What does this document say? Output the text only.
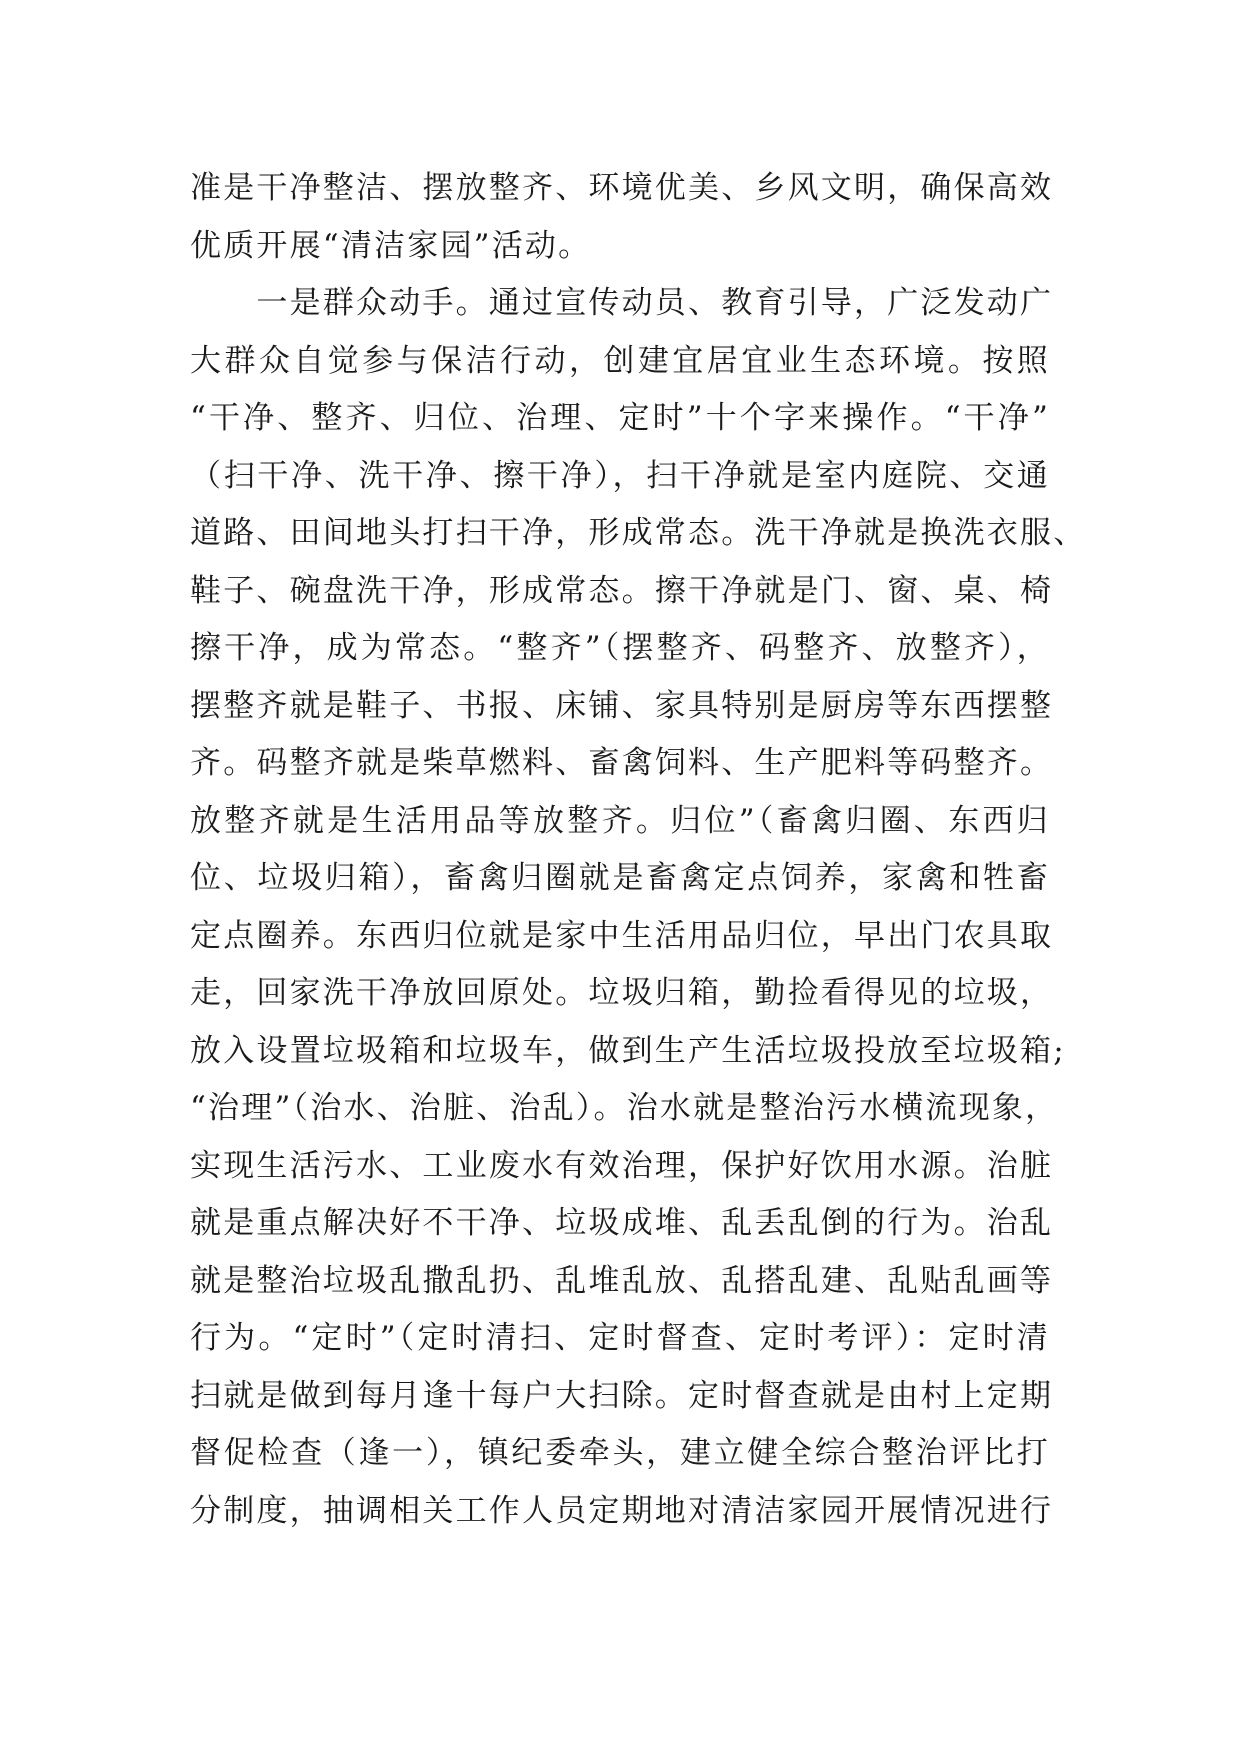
准是干净整洁、摆放整齐、环境优美、乡风文明，确保高效
优质开展“清洁家园”活动。
　　一是群众动手。通过宣传动员、教育引导，广泛发动广
大群众自觉参与保洁行动，创建宜居宜业生态环境。按照
“干净、整齐、归位、治理、定时”十个字来操作。“干净”
（扫干净、洗干净、擦干净），扫干净就是室内庭院、交通
道路、田间地头打扫干净，形成常态。洗干净就是换洗衣服、
鞋子、碗盘洗干净，形成常态。擦干净就是门、窗、桌、椅
擦干净，成为常态。“整齐”（摆整齐、码整齐、放整齐），
摆整齐就是鞋子、书报、床铺、家具特别是厨房等东西摆整
齐。码整齐就是柴草燃料、畜禽饲料、生产肥料等码整齐。
放整齐就是生活用品等放整齐。归位”（畜禽归圈、东西归
位、垃圾归箱），畜禽归圈就是畜禽定点饲养，家禽和牲畜
定点圈养。东西归位就是家中生活用品归位，早出门农具取
走，回家洗干净放回原处。垃圾归箱，勤捡看得见的垃圾，
放入设置垃圾箱和垃圾车，做到生产生活垃圾投放至垃圾箱;
“治理”（治水、治脏、治乱）。治水就是整治污水横流现象，
实现生活污水、工业废水有效治理，保护好饮用水源。治脏
就是重点解决好不干净、垃圾成堆、乱丢乱倒的行为。治乱
就是整治垃圾乱撒乱扔、乱堆乱放、乱搭乱建、乱贴乱画等
行为。“定时”（定时清扫、定时督查、定时考评）：定时清
扫就是做到每月逢十每户大扫除。定时督查就是由村上定期
督促检查（逢一），镇纪委牵头，建立健全综合整治评比打
分制度，抽调相关工作人员定期地对清洁家园开展情况进行
